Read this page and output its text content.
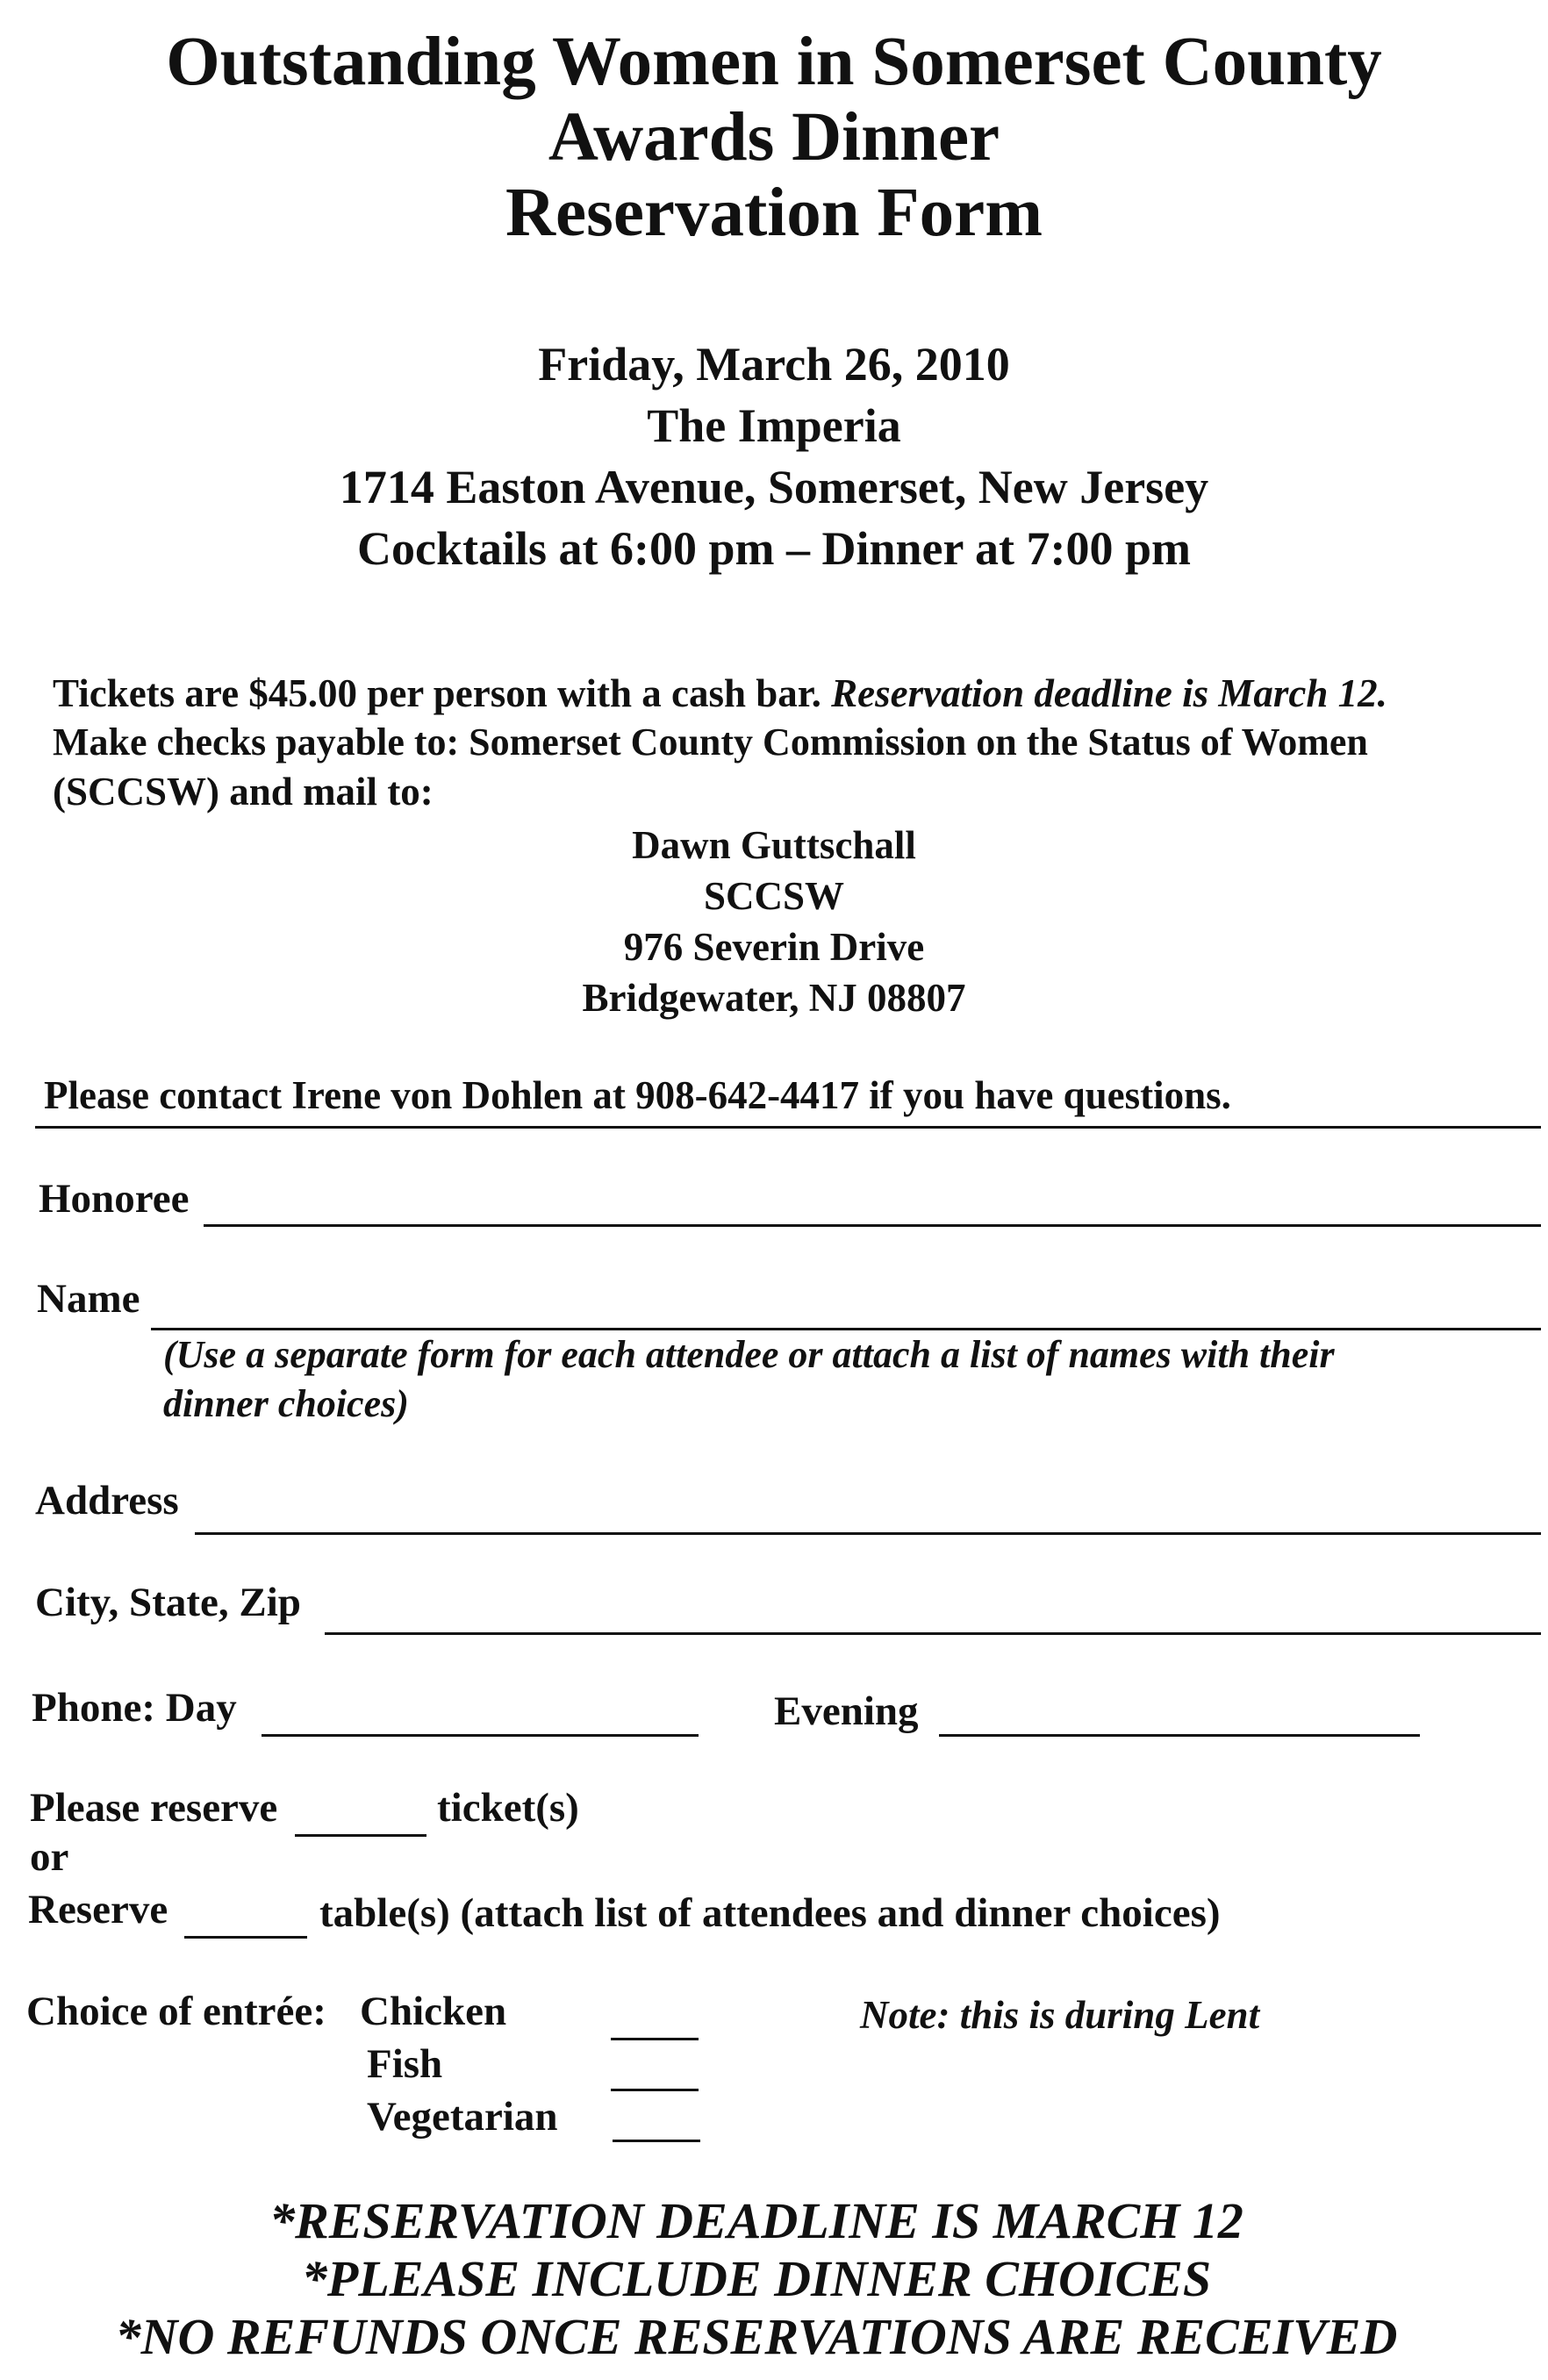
Outstanding Women in Somerset County
Awards Dinner
Reservation Form
Friday, March 26, 2010
The Imperia
1714 Easton Avenue, Somerset, New Jersey
Cocktails at 6:00 pm – Dinner at 7:00 pm
Tickets are $45.00 per person with a cash bar. Reservation deadline is March 12.
Make checks payable to: Somerset County Commission on the Status of Women
(SCCSW) and mail to:
Dawn Guttschall
SCCSW
976 Severin Drive
Bridgewater, NJ 08807
Please contact Irene von Dohlen at 908-642-4417 if you have questions.
Honoree
Name
(Use a separate form for each attendee or attach a list of names with their
dinner choices)
Address
City, State, Zip
Phone: Day	Evening
Please reserve	ticket(s)
or
Reserve	table(s) (attach list of attendees and dinner choices)
Choice of entrée: Chicken
Fish
Vegetarian
Note: this is during Lent
*RESERVATION DEADLINE IS MARCH 12
*PLEASE INCLUDE DINNER CHOICES
*NO REFUNDS ONCE RESERVATIONS ARE RECEIVED
